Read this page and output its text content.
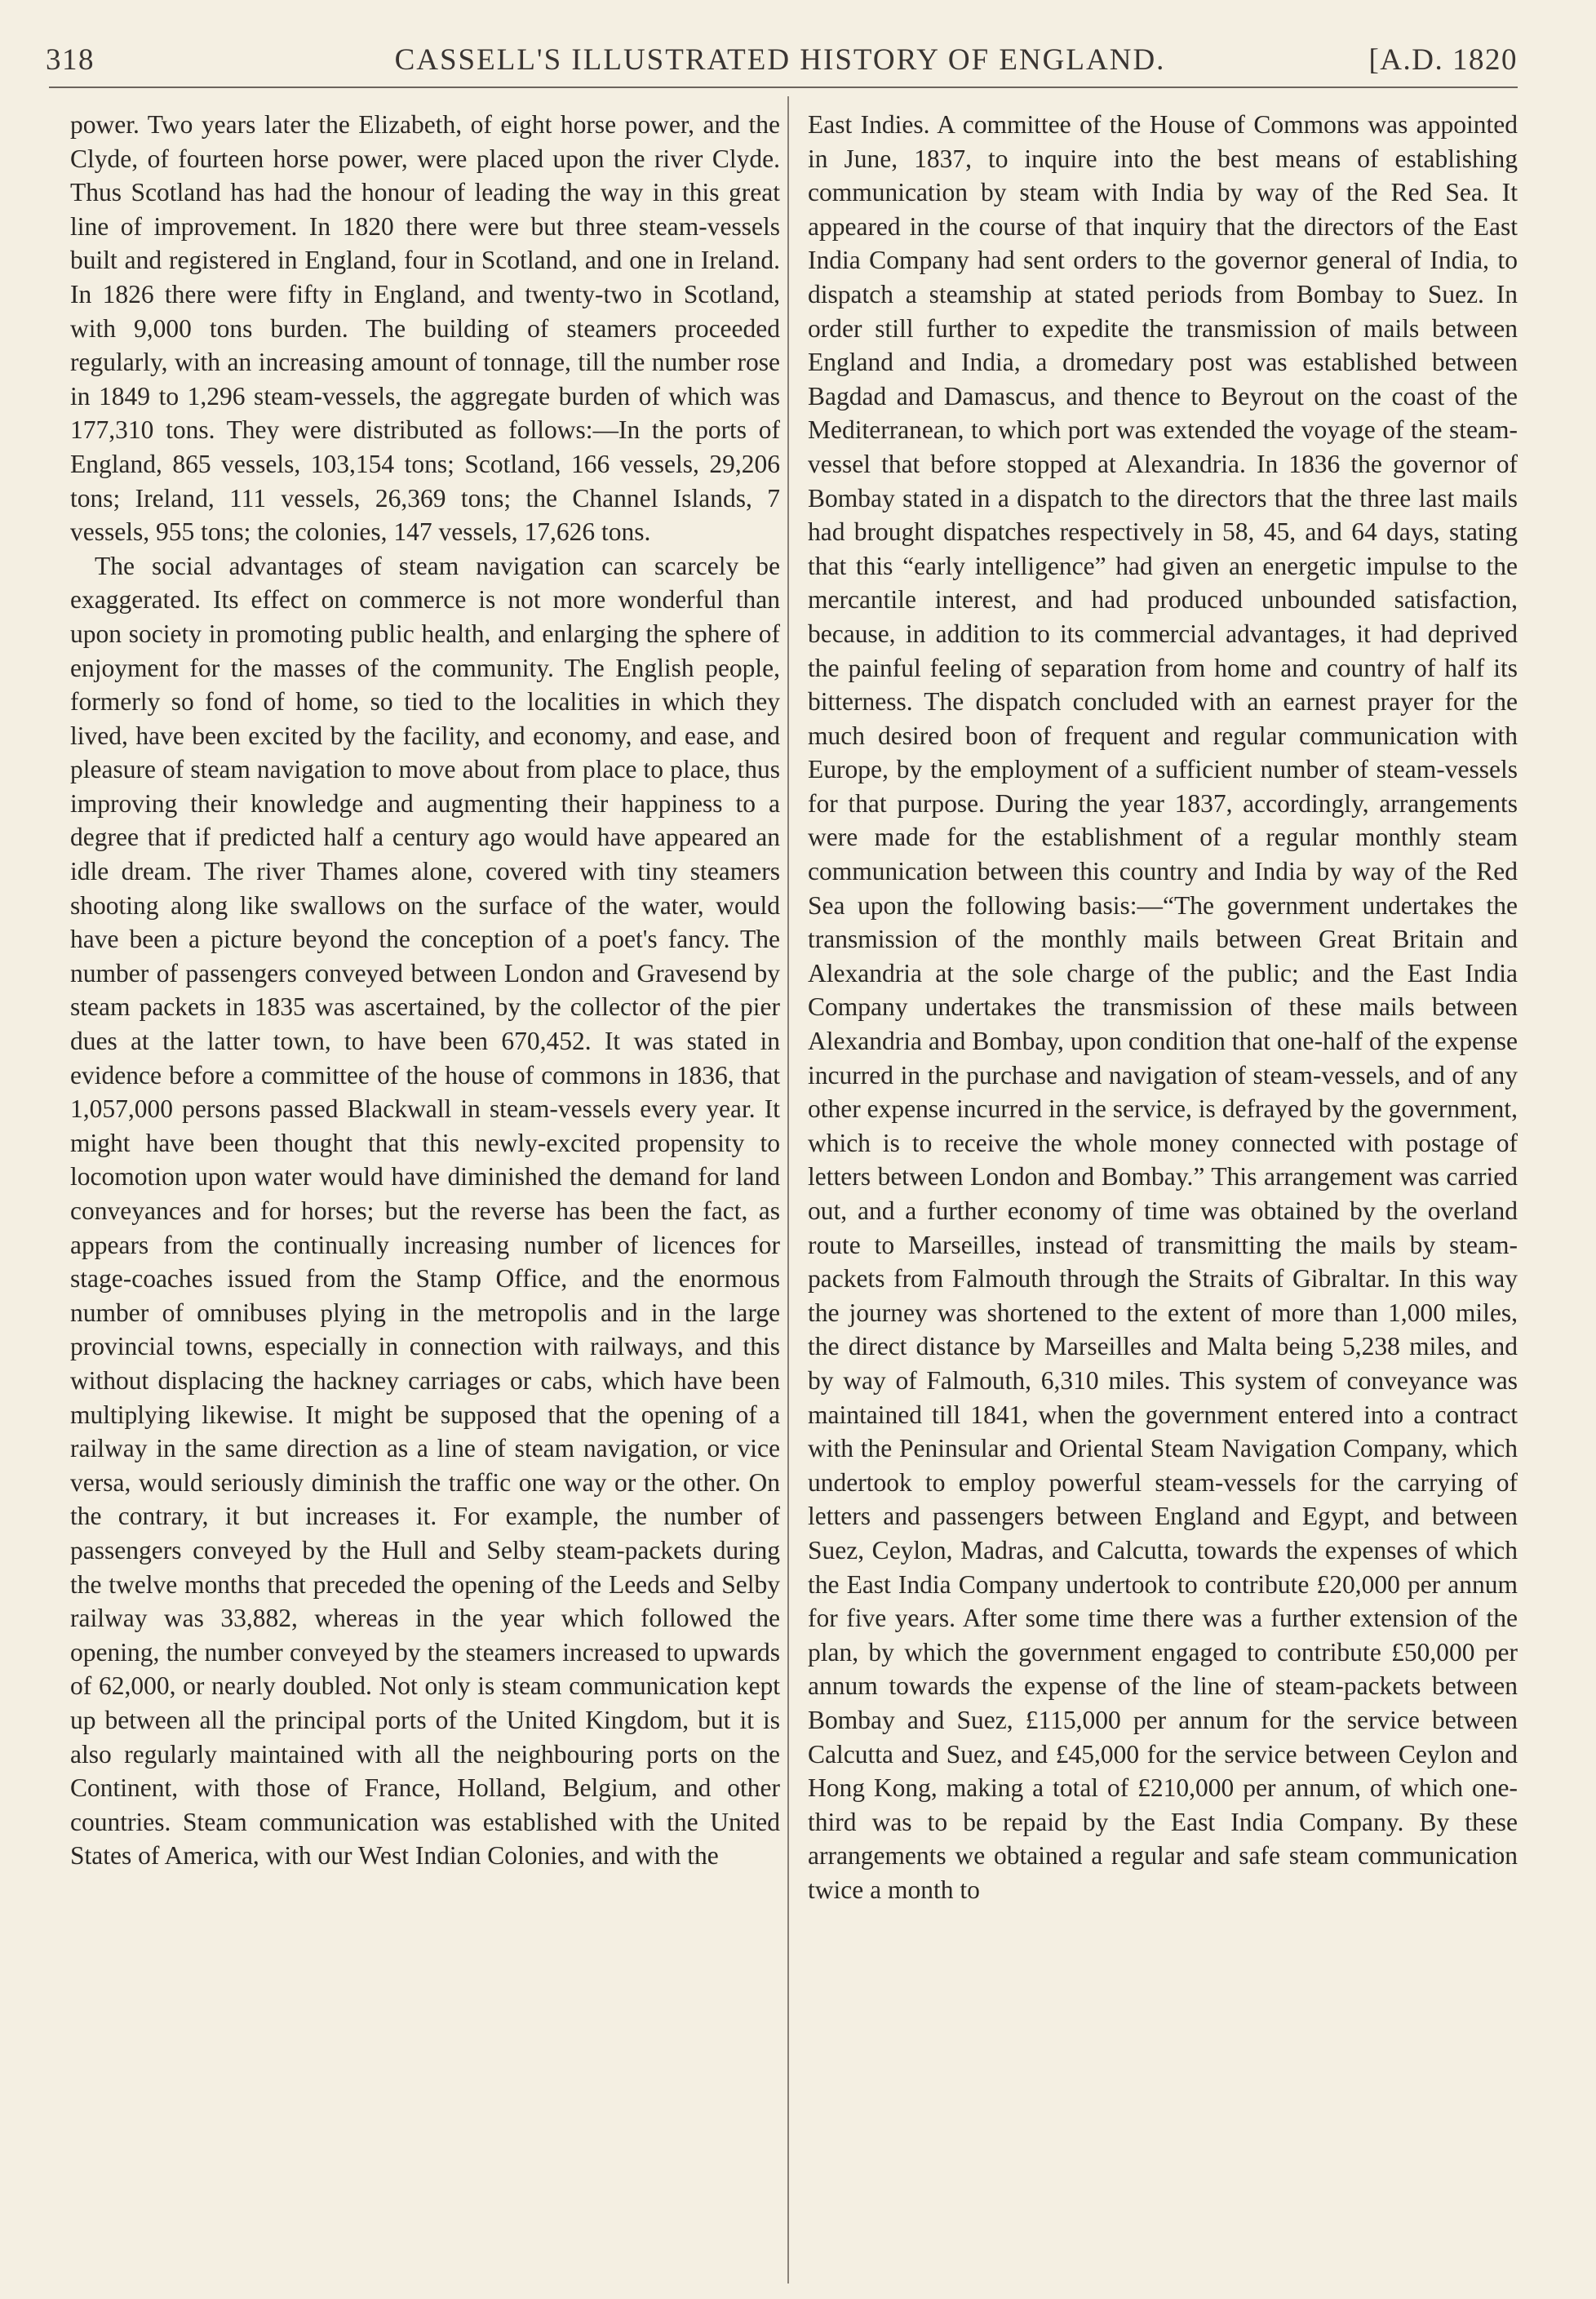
318	CASSELL'S ILLUSTRATED HISTORY OF ENGLAND.	[A.D. 1820

power. Two years later the Elizabeth, of eight horse power, and the Clyde, of fourteen horse power, were placed upon the river Clyde. Thus Scotland has had the honour of leading the way in this great line of improvement. In 1820 there were but three steam-vessels built and registered in England, four in Scotland, and one in Ireland. In 1826 there were fifty in England, and twenty-two in Scotland, with 9,000 tons burden. The building of steamers proceeded regularly, with an increasing amount of tonnage, till the number rose in 1849 to 1,296 steam-vessels, the aggregate burden of which was 177,310 tons. They were distributed as follows:—In the ports of England, 865 vessels, 103,154 tons; Scotland, 166 vessels, 29,206 tons; Ireland, 111 vessels, 26,369 tons; the Channel Islands, 7 vessels, 955 tons; the colonies, 147 vessels, 17,626 tons.

The social advantages of steam navigation can scarcely be exaggerated. Its effect on commerce is not more wonderful than upon society in promoting public health, and enlarging the sphere of enjoyment for the masses of the community. The English people, formerly so fond of home, so tied to the localities in which they lived, have been excited by the facility, and economy, and ease, and pleasure of steam navigation to move about from place to place, thus improving their knowledge and augmenting their happiness to a degree that if predicted half a century ago would have appeared an idle dream. The river Thames alone, covered with tiny steamers shooting along like swallows on the surface of the water, would have been a picture beyond the conception of a poet's fancy. The number of passengers conveyed between London and Gravesend by steam packets in 1835 was ascertained, by the collector of the pier dues at the latter town, to have been 670,452. It was stated in evidence before a committee of the house of commons in 1836, that 1,057,000 persons passed Blackwall in steam-vessels every year. It might have been thought that this newly-excited propensity to locomotion upon water would have diminished the demand for land conveyances and for horses; but the reverse has been the fact, as appears from the continually increasing number of licences for stage-coaches issued from the Stamp Office, and the enormous number of omnibuses plying in the metropolis and in the large provincial towns, especially in connection with railways, and this without displacing the hackney carriages or cabs, which have been multiplying likewise. It might be supposed that the opening of a railway in the same direction as a line of steam navigation, or vice versa, would seriously diminish the traffic one way or the other. On the contrary, it but increases it. For example, the number of passengers conveyed by the Hull and Selby steam-packets during the twelve months that preceded the opening of the Leeds and Selby railway was 33,882, whereas in the year which followed the opening, the number conveyed by the steamers increased to upwards of 62,000, or nearly doubled. Not only is steam communication kept up between all the principal ports of the United Kingdom, but it is also regularly maintained with all the neighbouring ports on the Continent, with those of France, Holland, Belgium, and other countries. Steam communication was established with the United States of America, with our West Indian Colonies, and with the

East Indies. A committee of the House of Commons was appointed in June, 1837, to inquire into the best means of establishing communication by steam with India by way of the Red Sea. It appeared in the course of that inquiry that the directors of the East India Company had sent orders to the governor general of India, to dispatch a steamship at stated periods from Bombay to Suez. In order still further to expedite the transmission of mails between England and India, a dromedary post was established between Bagdad and Damascus, and thence to Beyrout on the coast of the Mediterranean, to which port was extended the voyage of the steam-vessel that before stopped at Alexandria. In 1836 the governor of Bombay stated in a dispatch to the directors that the three last mails had brought dispatches respectively in 58, 45, and 64 days, stating that this “early intelligence” had given an energetic impulse to the mercantile interest, and had produced unbounded satisfaction, because, in addition to its commercial advantages, it had deprived the painful feeling of separation from home and country of half its bitterness. The dispatch concluded with an earnest prayer for the much desired boon of frequent and regular communication with Europe, by the employment of a sufficient number of steam-vessels for that purpose. During the year 1837, accordingly, arrangements were made for the establishment of a regular monthly steam communication between this country and India by way of the Red Sea upon the following basis:—“The government undertakes the transmission of the monthly mails between Great Britain and Alexandria at the sole charge of the public; and the East India Company undertakes the transmission of these mails between Alexandria and Bombay, upon condition that one-half of the expense incurred in the purchase and navigation of steam-vessels, and of any other expense incurred in the service, is defrayed by the government, which is to receive the whole money connected with postage of letters between London and Bombay.” This arrangement was carried out, and a further economy of time was obtained by the overland route to Marseilles, instead of transmitting the mails by steam-packets from Falmouth through the Straits of Gibraltar. In this way the journey was shortened to the extent of more than 1,000 miles, the direct distance by Marseilles and Malta being 5,238 miles, and by way of Falmouth, 6,310 miles. This system of conveyance was maintained till 1841, when the government entered into a contract with the Peninsular and Oriental Steam Navigation Company, which undertook to employ powerful steam-vessels for the carrying of letters and passengers between England and Egypt, and between Suez, Ceylon, Madras, and Calcutta, towards the expenses of which the East India Company undertook to contribute £20,000 per annum for five years. After some time there was a further extension of the plan, by which the government engaged to contribute £50,000 per annum towards the expense of the line of steam-packets between Bombay and Suez, £115,000 per annum for the service between Calcutta and Suez, and £45,000 for the service between Ceylon and Hong Kong, making a total of £210,000 per annum, of which one-third was to be repaid by the East India Company. By these arrangements we obtained a regular and safe steam communication twice a month to
